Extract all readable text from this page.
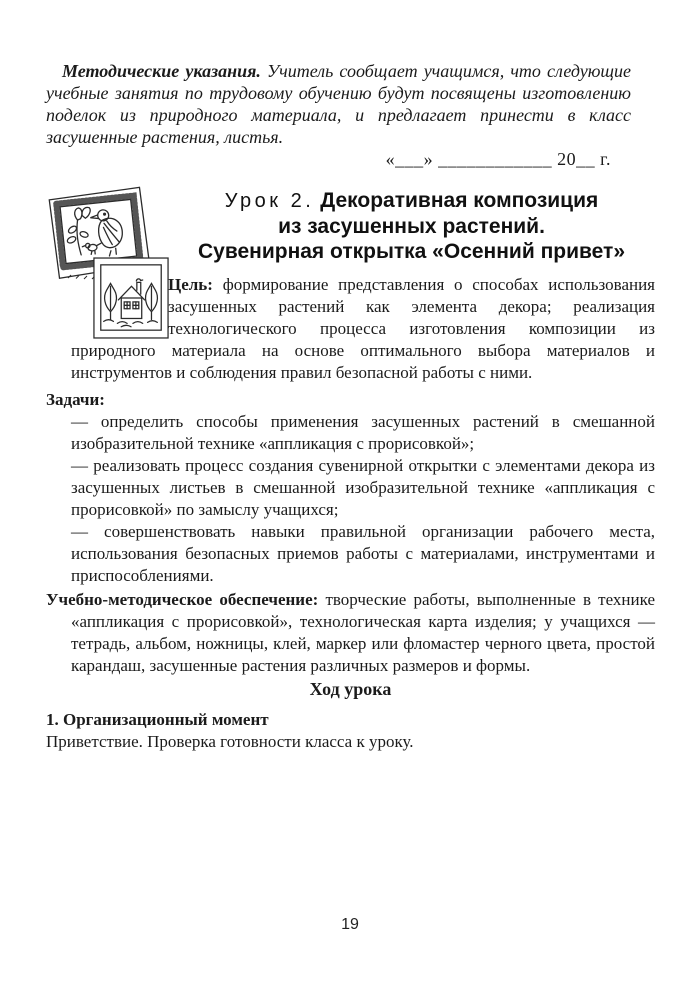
Методические указания. Учитель сообщает учащимся, что следующие учебные занятия по трудовому обучению будут посвящены изготовлению поделок из природного материала, и предлагает принести в класс засушенные растения, листья.

«___» ____________ 20__ г.
Урок 2. Декоративная композиция
из засушенных растений.
Сувенирная открытка «Осенний привет»

Цель: формирование представления о способах использования засушенных растений как элемента декора; реализация технологического процесса изготовления композиции из природного материала на основе оптимального выбора материалов и инструментов и соблюдения правил безопасной работы с ними.

Задачи:

— определить способы применения засушенных растений в смешанной изобразительной технике «аппликация с прорисовкой»;

— реализовать процесс создания сувенирной открытки с элементами декора из засушенных листьев в смешанной изобразительной технике «аппликация с прорисовкой» по замыслу учащихся;

— совершенствовать навыки правильной организации рабочего места, использования безопасных приемов работы с материалами, инструментами и приспособлениями.

Учебно-методическое обеспечение: творческие работы, выполненные в технике «аппликация с прорисовкой», технологическая карта изделия; у учащихся — тетрадь, альбом, ножницы, клей, маркер или фломастер черного цвета, простой карандаш, засушенные растения различных размеров и формы.

Ход урока

1. Организационный момент

Приветствие. Проверка готовности класса к уроку.

19
